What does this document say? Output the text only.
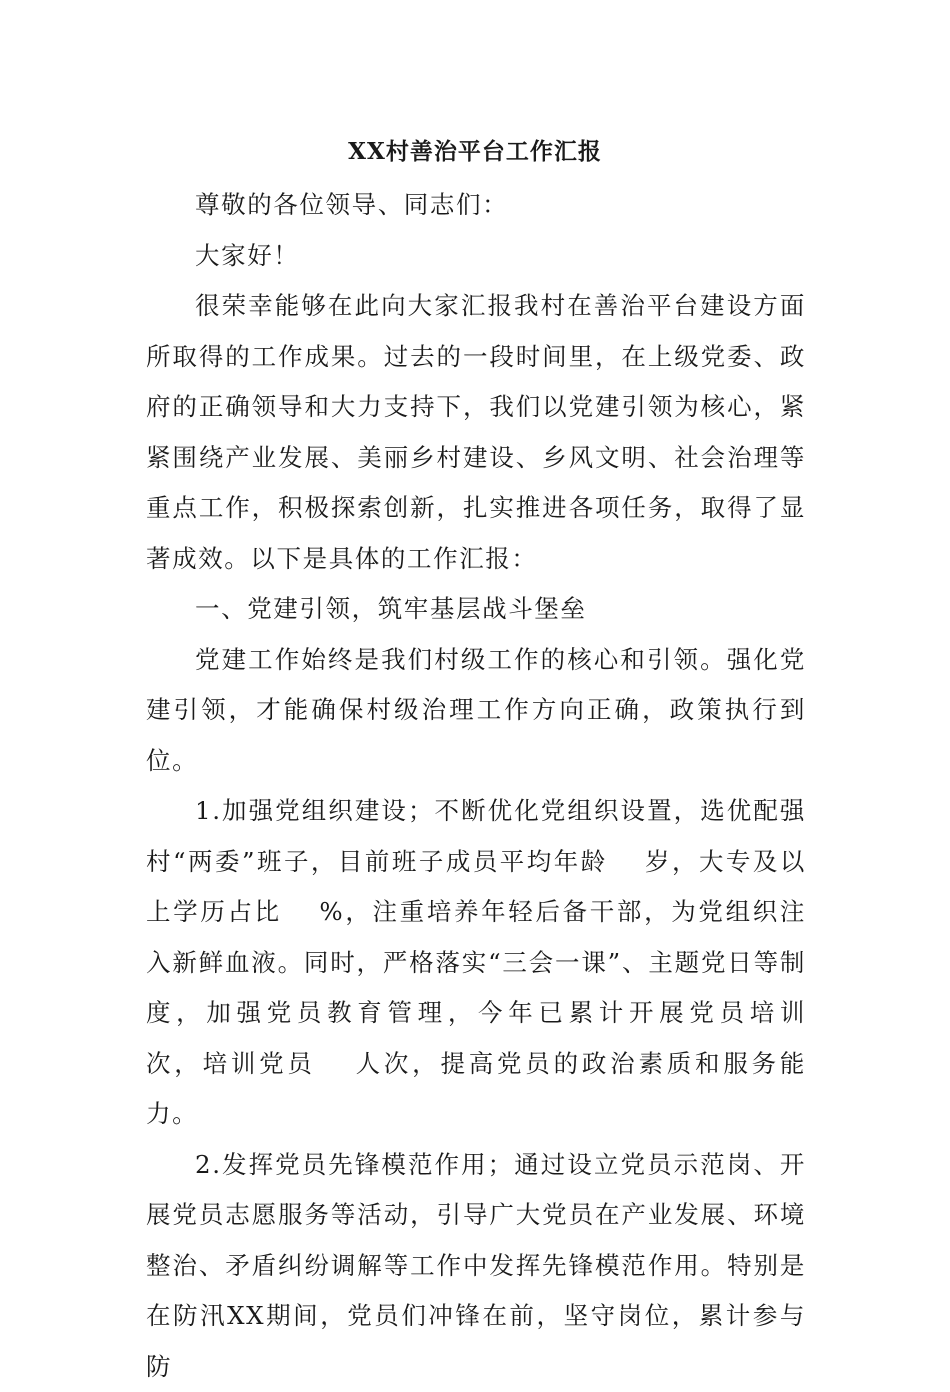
XX村善治平台工作汇报

尊敬的各位领导、同志们：

大家好！

很荣幸能够在此向大家汇报我村在善治平台建设方面所取得的工作成果。过去的一段时间里，在上级党委、政府的正确领导和大力支持下，我们以党建引领为核心，紧紧围绕产业发展、美丽乡村建设、乡风文明、社会治理等重点工作，积极探索创新，扎实推进各项任务，取得了显著成效。以下是具体的工作汇报：

一、党建引领，筑牢基层战斗堡垒

党建工作始终是我们村级工作的核心和引领。强化党建引领，才能确保村级治理工作方向正确，政策执行到位。

1.加强党组织建设；不断优化党组织设置，选优配强村“两委”班子，目前班子成员平均年龄　 岁，大专及以上学历占比　 %，注重培养年轻后备干部，为党组织注入新鲜血液。同时，严格落实“三会一课”、主题党日等制度，加强党员教育管理，今年已累计开展党员培训　 次，培训党员　 人次，提高党员的政治素质和服务能力。

2.发挥党员先锋模范作用；通过设立党员示范岗、开展党员志愿服务等活动，引导广大党员在产业发展、环境整治、矛盾纠纷调解等工作中发挥先锋模范作用。特别是在防汛XX期间，党员们冲锋在前，坚守岗位，累计参与防
